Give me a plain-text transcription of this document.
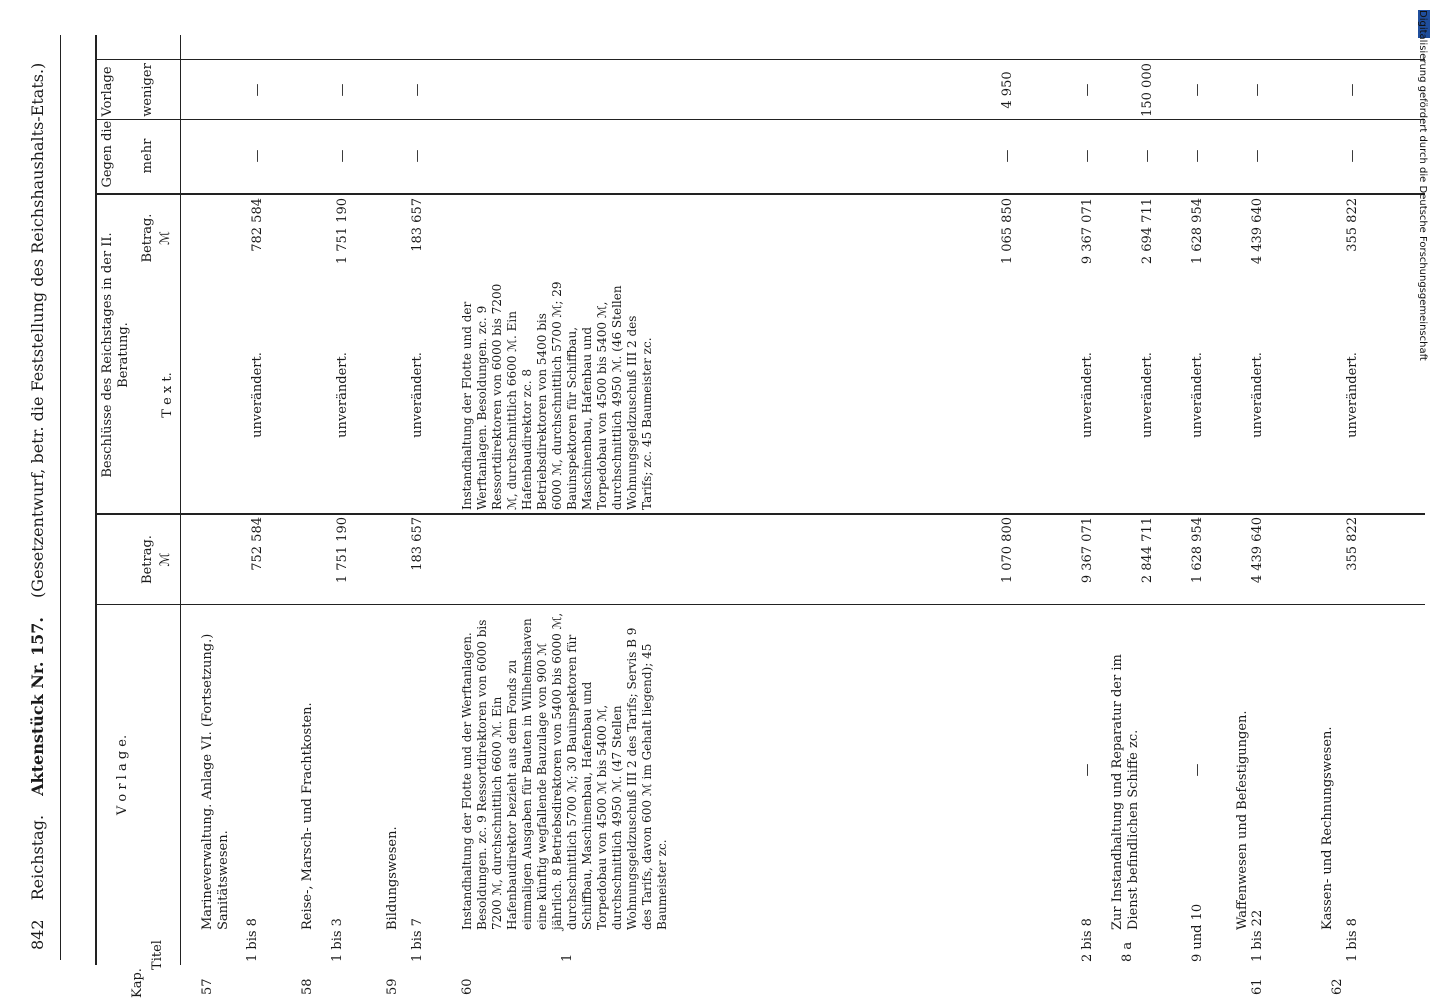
842 Reichstag. Aktenstück Nr. 157. (Gesetzentwurf, betr. die Feststellung des Reichshaushalts-Etats.)
V o r l a g e.
Betrag. ℳ
Beschlüsse des Reichstages in der II. Beratung.
T e x t.
Betrag. ℳ
Gegen die Vorlage mehr
weniger
Kap.
Titel
57
1 bis 8
Marineverwaltung. Anlage VI. (Fortsetzung.) Sanitätswesen.
752 584
unverändert.
782 584
—
—
58
1 bis 3
Reise-, Marsch- und Frachtkosten.
1 751 190
unverändert.
1 751 190
—
—
59
1 bis 7
Bildungswesen.
183 657
unverändert.
183 657
—
—
60
1
Instandhaltung der Flotte und der Werftanlagen. Besoldungen. zc. 9 Ressortdirektoren von 6000 bis 7200 ℳ, durchschnittlich 6600 ℳ. Ein Hafenbaudirektor bezieht aus dem Fonds zu einmaligen Ausgaben für Bauten in Wilhelmshaven eine künftig wegfallende Bauzulage von 900 ℳ jährlich. 8 Betriebsdirektoren von 5400 bis 6000 ℳ, durchschnittlich 5700 ℳ; 30 Bauinspektoren für Schiffbau, Maschinenbau, Hafenbau und Torpedobau von 4500 ℳ bis 5400 ℳ, durchschnittlich 4950 ℳ. (47 Stellen Wohnungsgeldzuschuß III 2 des Tarifs; Servis B 9 des Tarifs, davon 600 ℳ im Gehalt liegend); 45 Baumeister zc.
1 070 800
Instandhaltung der Flotte und der Werftanlagen. Besoldungen. zc. 9 Ressortdirektoren von 6000 bis 7200 ℳ, durchschnittlich 6600 ℳ. Ein Hafenbaudirektor zc. 8 Betriebsdirektoren von 5400 bis 6000 ℳ, durchschnittlich 5700 ℳ; 29 Bauinspektoren für Schiffbau, Maschinenbau, Hafenbau und Torpedobau von 4500 bis 5400 ℳ, durchschnittlich 4950 ℳ. (46 Stellen Wohnungsgeldzuschuß III 2 des Tarifs; zc. 45 Baumeister zc.
1 065 850
—
4 950
2 bis 8
—
9 367 071
unverändert.
9 367 071
—
—
8 a
Zur Instandhaltung und Reparatur der im Dienst befindlichen Schiffe zc.
2 844 711
unverändert.
2 694 711
—
150 000
9 und 10
—
1 628 954
unverändert.
1 628 954
—
—
61
1 bis 22
Waffenwesen und Befestigungen.
4 439 640
unverändert.
4 439 640
—
—
62
1 bis 8
Kassen- und Rechnungswesen.
355 822
unverändert.
355 822
—
—	Digitalisierung gefördert durch die Deutsche Forschungsgemeinschaft
